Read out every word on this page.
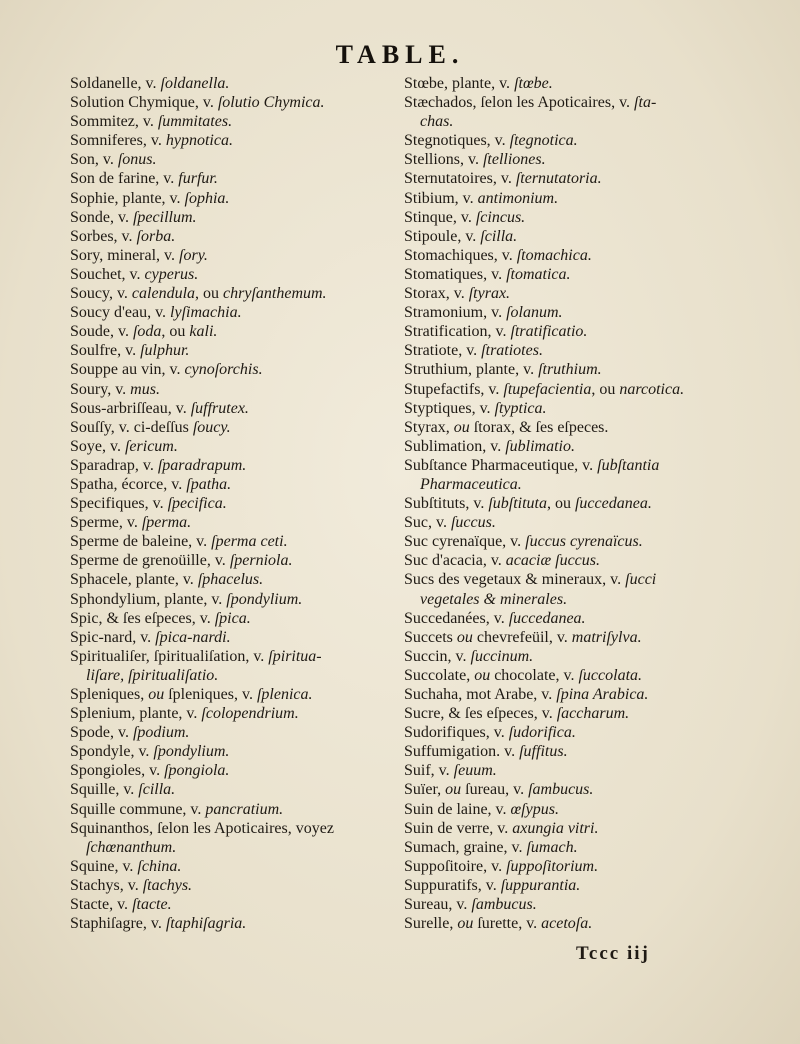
TABLE.
Soldanelle, v. ſoldanella.
Solution Chymique, v. ſolutio Chymica.
Sommitez, v. ſummitates.
Somniferes, v. hypnotica.
Son, v. ſonus.
Son de farine, v. furfur.
Sophie, plante, v. ſophia.
Sonde, v. ſpecillum.
Sorbes, v. ſorba.
Sory, mineral, v. ſory.
Souchet, v. cyperus.
Soucy, v. calendula, ou chryſanthemum.
Soucy d'eau, v. lyſimachia.
Soude, v. ſoda, ou kali.
Soulfre, v. ſulphur.
Souppe au vin, v. cynoſorchis.
Soury, v. mus.
Sous-arbriſſeau, v. ſuffrutex.
Souſſy, v. ci-deſſus ſoucy.
Soye, v. ſericum.
Sparadrap, v. ſparadrapum.
Spatha, écorce, v. ſpatha.
Specifiques, v. ſpecifica.
Sperme, v. ſperma.
Sperme de baleine, v. ſperma ceti.
Sperme de grenoüille, v. ſperniola.
Sphacele, plante, v. ſphacelus.
Sphondylium, plante, v. ſpondylium.
Spic, & ſes eſpeces, v. ſpica.
Spic-nard, v. ſpica-nardi.
Spiritualiſer, ſpiritualiſation, v. ſpiritua-
liſare, ſpiritualiſatio.
Spleniques, ou ſpleniques, v. ſplenica.
Splenium, plante, v. ſcolopendrium.
Spode, v. ſpodium.
Spondyle, v. ſpondylium.
Spongioles, v. ſpongiola.
Squille, v. ſcilla.
Squille commune, v. pancratium.
Squinanthos, ſelon les Apoticaires, voyez
ſchœnanthum.
Squine, v. ſchina.
Stachys, v. ſtachys.
Stacte, v. ſtacte.
Staphiſagre, v. ſtaphiſagria.
Stœbe, plante, v. ſtœbe.
Stæchados, ſelon les Apoticaires, v. ſta-
chas.
Stegnotiques, v. ſtegnotica.
Stellions, v. ſtelliones.
Sternutatoires, v. ſternutatoria.
Stibium, v. antimonium.
Stinque, v. ſcincus.
Stipoule, v. ſcilla.
Stomachiques, v. ſtomachica.
Stomatiques, v. ſtomatica.
Storax, v. ſtyrax.
Stramonium, v. ſolanum.
Stratification, v. ſtratificatio.
Stratiote, v. ſtratiotes.
Struthium, plante, v. ſtruthium.
Stupefactifs, v. ſtupefacientia, ou narcotica.
Styptiques, v. ſtyptica.
Styrax, ou ſtorax, & ſes eſpeces.
Sublimation, v. ſublimatio.
Subſtance Pharmaceutique, v. ſubſtantia
Pharmaceutica.
Subſtituts, v. ſubſtituta, ou ſuccedanea.
Suc, v. ſuccus.
Suc cyrenaïque, v. ſuccus cyrenaïcus.
Suc d'acacia, v. acaciæ ſuccus.
Sucs des vegetaux & mineraux, v. ſucci
vegetales & minerales.
Succedanées, v. ſuccedanea.
Succets ou chevrefeüil, v. matriſylva.
Succin, v. ſuccinum.
Succolate, ou chocolate, v. ſuccolata.
Suchaha, mot Arabe, v. ſpina Arabica.
Sucre, & ſes eſpeces, v. ſaccharum.
Sudorifiques, v. ſudorifica.
Suffumigation. v. ſuffitus.
Suif, v. ſeuum.
Suïer, ou ſureau, v. ſambucus.
Suin de laine, v. œſypus.
Suin de verre, v. axungia vitri.
Sumach, graine, v. ſumach.
Suppoſitoire, v. ſuppoſitorium.
Suppuratifs, v. ſuppurantia.
Sureau, v. ſambucus.
Surelle, ou ſurette, v. acetoſa.
Tccc iij
